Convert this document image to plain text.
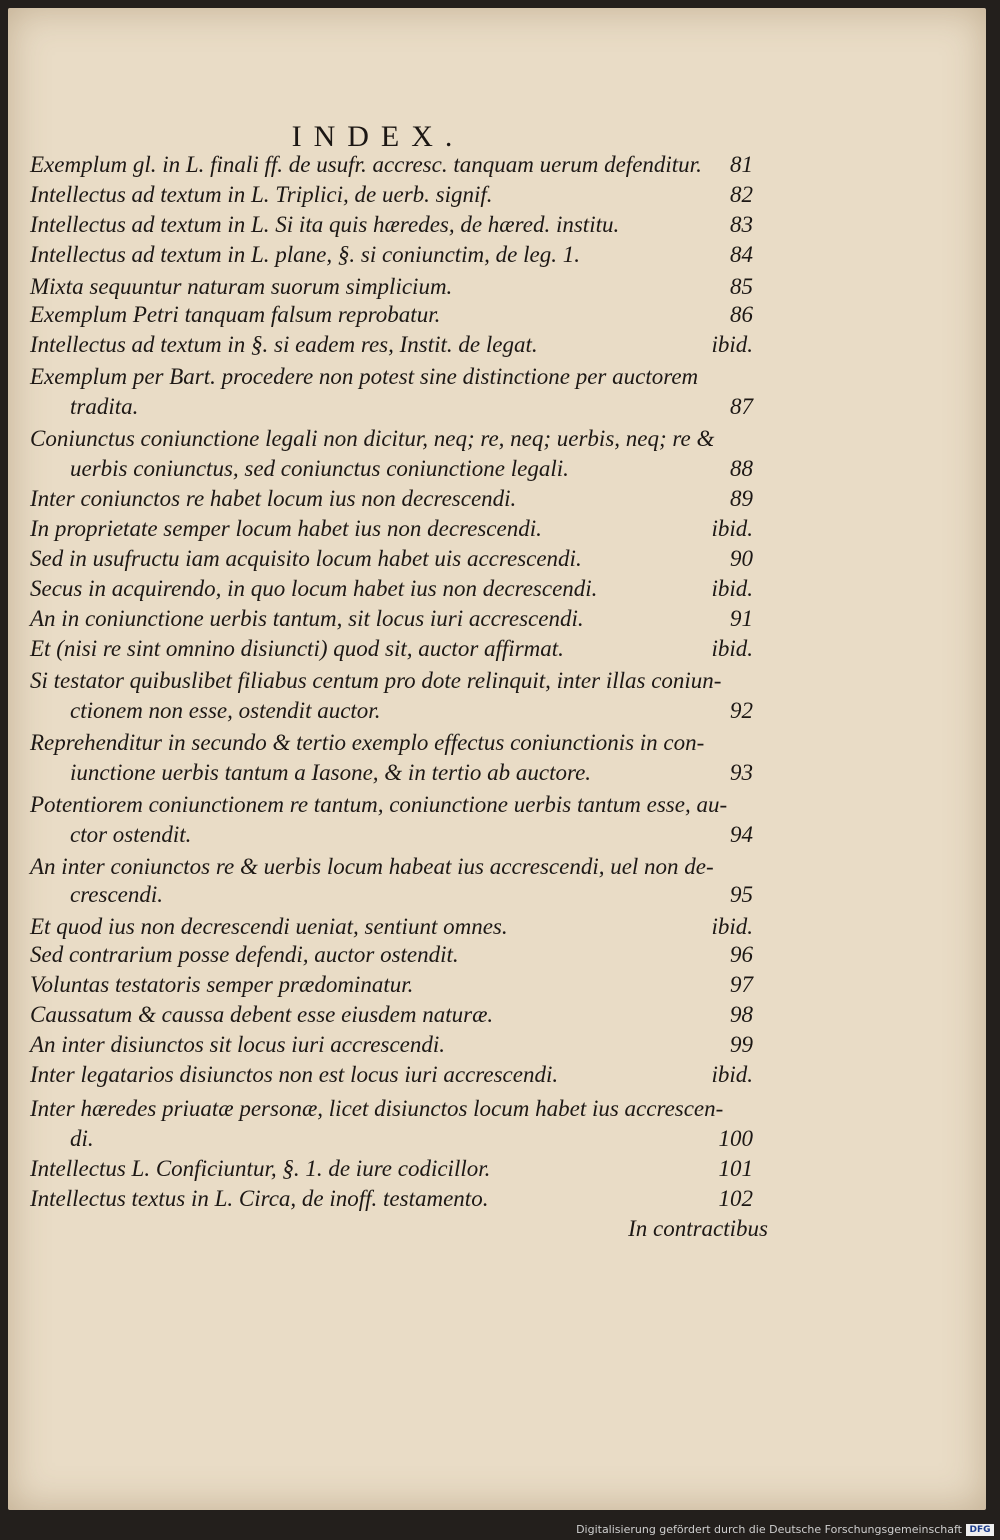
INDEX.
Exemplum gl. in L. finali ff. de usufr. accresc. tanquam uerum defenditur.	81
Intellectus ad textum in L. Triplici, de uerb. signif.	82
Intellectus ad textum in L. Si ita quis hæredes, de hæred. institu.	83
Intellectus ad textum in L. plane, §. si coniunctim, de leg. 1.	84
Mixta sequuntur naturam suorum simplicium.	85
Exemplum Petri tanquam falsum reprobatur.	86
Intellectus ad textum in §. si eadem res, Instit. de legat.	ibid.
Exemplum per Bart. procedere non potest sine distinctione per auctorem
tradita.	87
Coniunctus coniunctione legali non dicitur, neq; re, neq; uerbis, neq; re &
uerbis coniunctus, sed coniunctus coniunctione legali.	88
Inter coniunctos re habet locum ius non decrescendi.	89
In proprietate semper locum habet ius non decrescendi.	ibid.
Sed in usufructu iam acquisito locum habet uis accrescendi.	90
Secus in acquirendo, in quo locum habet ius non decrescendi.	ibid.
An in coniunctione uerbis tantum, sit locus iuri accrescendi.	91
Et (nisi re sint omnino disiuncti) quod sit, auctor affirmat.	ibid.
Si testator quibuslibet filiabus centum pro dote relinquit, inter illas coniun-
ctionem non esse, ostendit auctor.	92
Reprehenditur in secundo & tertio exemplo effectus coniunctionis in con-
iunctione uerbis tantum a Iasone, & in tertio ab auctore.	93
Potentiorem coniunctionem re tantum, coniunctione uerbis tantum esse, au-
ctor ostendit.	94
An inter coniunctos re & uerbis locum habeat ius accrescendi, uel non de-
crescendi.	95
Et quod ius non decrescendi ueniat, sentiunt omnes.	ibid.
Sed contrarium posse defendi, auctor ostendit.	96
Voluntas testatoris semper prædominatur.	97
Caussatum & caussa debent esse eiusdem naturæ.	98
An inter disiunctos sit locus iuri accrescendi.	99
Inter legatarios disiunctos non est locus iuri accrescendi.	ibid.
Inter hæredes priuatæ personæ, licet disiunctos locum habet ius accrescen-
di.	100
Intellectus L. Conficiuntur, §. 1. de iure codicillor.	101
Intellectus textus in L. Circa, de inoff. testamento.	102
In contractibus
Digitalisierung gefördert durch die Deutsche Forschungsgemeinschaft DFG
